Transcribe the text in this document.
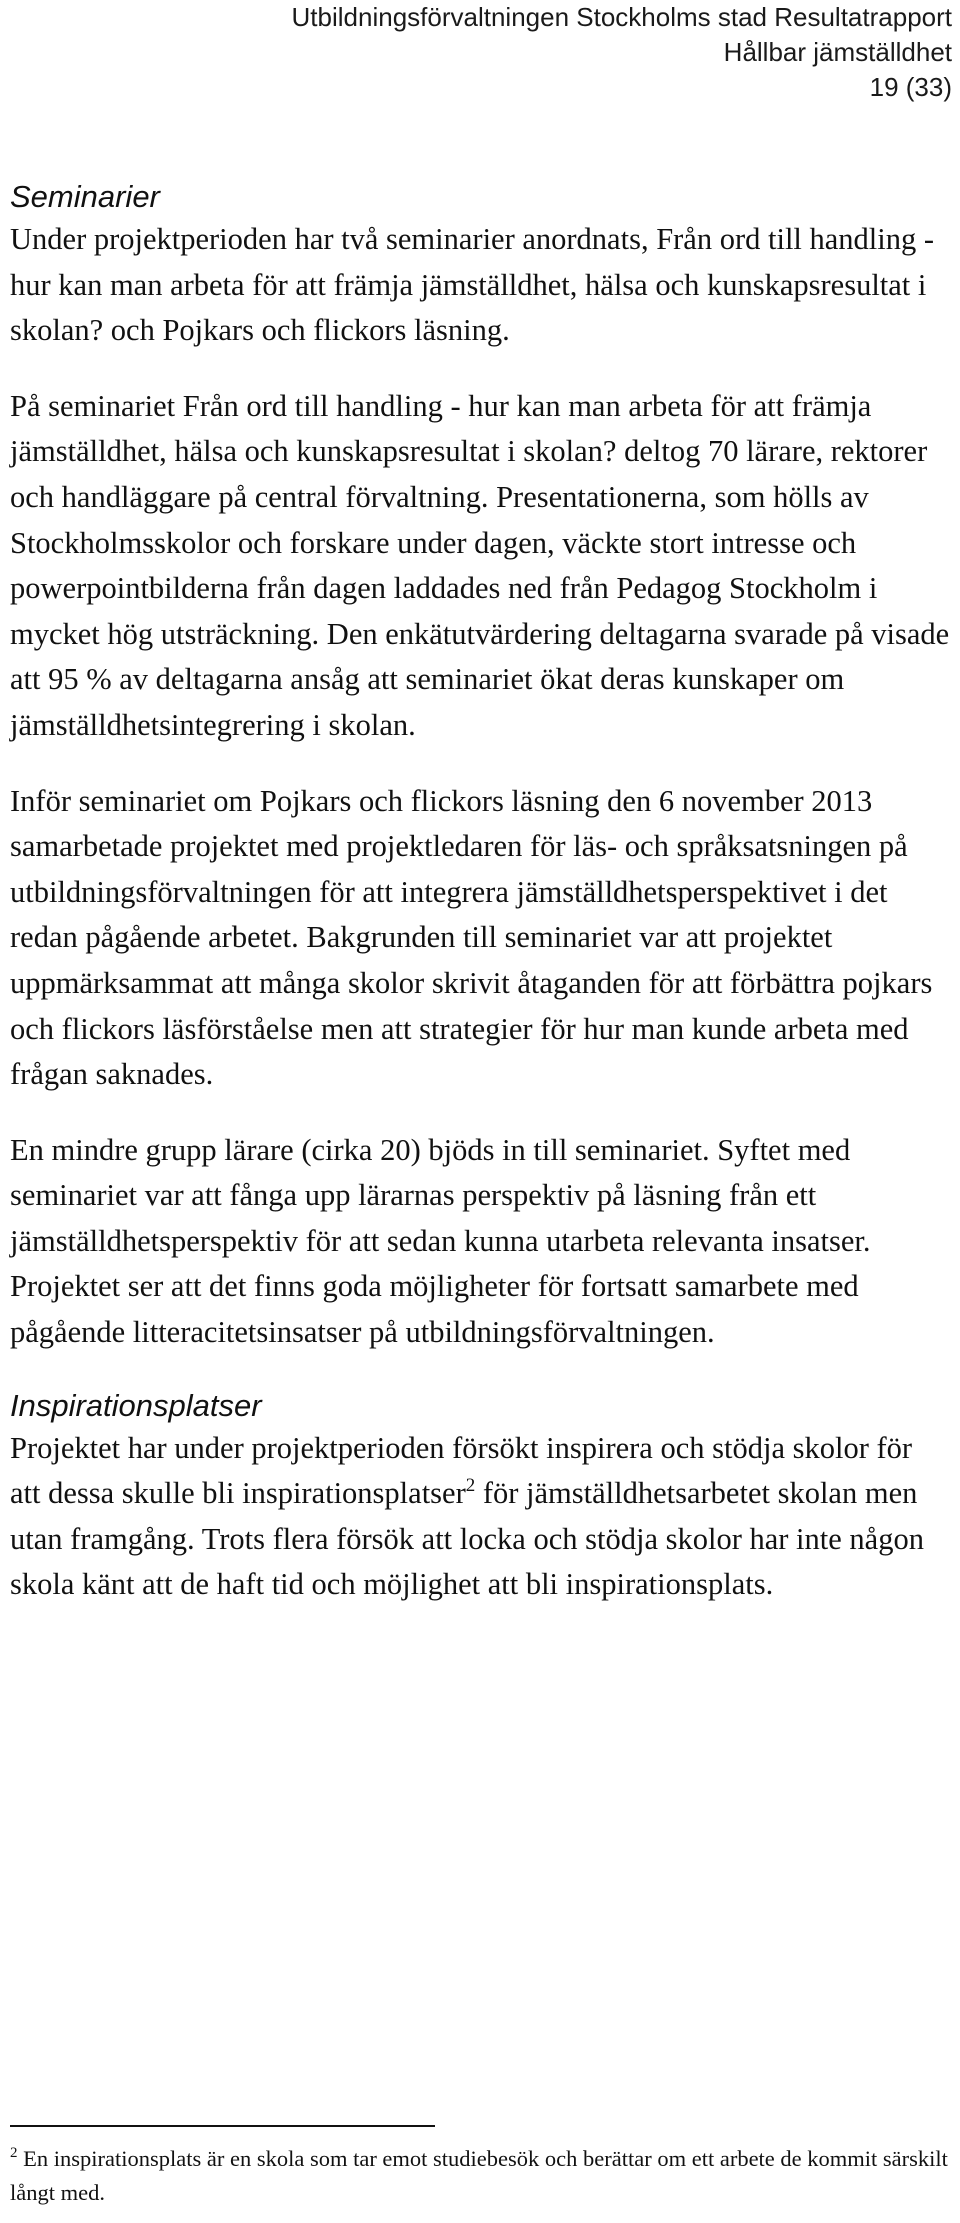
Utbildningsförvaltningen Stockholms stad Resultatrapport
Hållbar jämställdhet
19 (33)
Seminarier

Under projektperioden har två seminarier anordnats, Från ord till handling - hur kan man arbeta för att främja jämställdhet, hälsa och kunskapsresultat i skolan? och Pojkars och flickors läsning.

På seminariet Från ord till handling - hur kan man arbeta för att främja jämställdhet, hälsa och kunskapsresultat i skolan? deltog 70 lärare, rektorer och handläggare på central förvaltning. Presentationerna, som hölls av Stockholmsskolor och forskare under dagen, väckte stort intresse och powerpointbilderna från dagen laddades ned från Pedagog Stockholm i mycket hög utsträckning. Den enkätutvärdering deltagarna svarade på visade att 95 % av deltagarna ansåg att seminariet ökat deras kunskaper om jämställdhetsintegrering i skolan.

Inför seminariet om Pojkars och flickors läsning den 6 november 2013 samarbetade projektet med projektledaren för läs- och språksatsningen på utbildningsförvaltningen för att integrera jämställdhetsperspektivet i det redan pågående arbetet. Bakgrunden till seminariet var att projektet uppmärksammat att många skolor skrivit åtaganden för att förbättra pojkars och flickors läsförståelse men att strategier för hur man kunde arbeta med frågan saknades.

En mindre grupp lärare (cirka 20) bjöds in till seminariet. Syftet med seminariet var att fånga upp lärarnas perspektiv på läsning från ett jämställdhetsperspektiv för att sedan kunna utarbeta relevanta insatser. Projektet ser att det finns goda möjligheter för fortsatt samarbete med pågående litteracitetsinsatser på utbildningsförvaltningen.

Inspirationsplatser

Projektet har under projektperioden försökt inspirera och stödja skolor för att dessa skulle bli inspirationsplatser$^2$ för jämställdhetsarbetet skolan men utan framgång. Trots flera försök att locka och stödja skolor har inte någon skola känt att de haft tid och möjlighet att bli inspirationsplats.

$^2$ En inspirationsplats är en skola som tar emot studiebesök och berättar om ett arbete de kommit särskilt långt med.
